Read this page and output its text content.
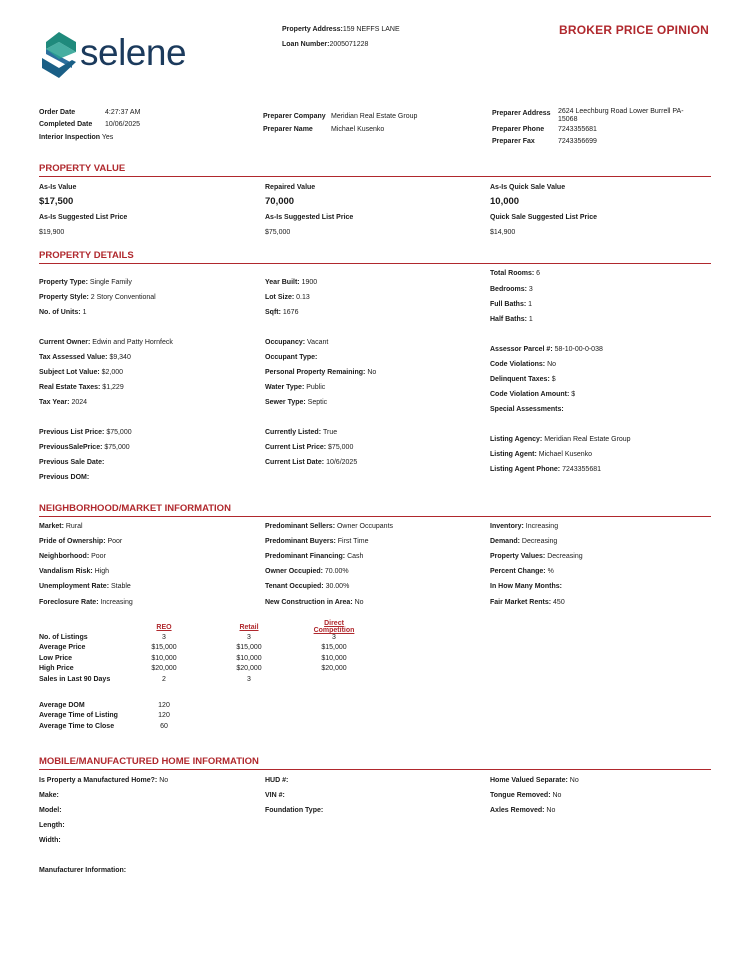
selene
Property Address:159 NEFFS LANE
Loan Number:2005071228
BROKER PRICE OPINION
Order Date	4:27:37 AM
Completed Date 10/06/2025
Interior Inspection Yes
Preparer Company Meridian Real Estate Group
Preparer Name	Michael Kusenko
Preparer Address 2624 Leechburg Road Lower Burrell PA-15068
Preparer Phone 7243355681
Preparer Fax	7243356699
PROPERTY VALUE
As-Is Value
$17,500
As-Is Suggested List Price
$19,900
Repaired Value
70,000
As-Is Suggested List Price
$75,000
As-Is Quick Sale Value
10,000
Quick Sale Suggested List Price
$14,900
PROPERTY DETAILS
NEIGHBORHOOD/MARKET INFORMATION
	REO	Retail	Direct Competition
No. of Listings	3	3	3
Average Price	$15,000	$15,000	$15,000
Low Price	$10,000	$10,000	$10,000
High Price	$20,000	$20,000	$20,000
Sales in Last 90 Days	2	3	
Average DOM	120
Average Time of Listing	120
Average Time to Close	60
MOBILE/MANUFACTURED HOME INFORMATION
Manufacturer Information:
Property Type: Single Family
Property Style: 2 Story Conventional
No. of Units: 1
Current Owner: Edwin and Patty Hornfeck
Tax Assessed Value: $9,340
Subject Lot Value: $2,000
Real Estate Taxes: $1,229
Tax Year: 2024
Previous List Price: $75,000
PreviousSalePrice: $75,000
Previous Sale Date:
Previous DOM:
Year Built: 1900
Lot Size: 0.13
Sqft: 1676
Occupancy: Vacant
Occupant Type:
Personal Property Remaining: No
Water Type: Public
Sewer Type: Septic
Currently Listed: True
Current List Price: $75,000
Current List Date: 10/6/2025
Total Rooms: 6
Bedrooms: 3
Full Baths: 1
Half Baths: 1
Assessor Parcel #: 58-10-00-0-038
Code Violations: No
Delinquent Taxes: $
Code Violation Amount: $
Special Assessments:
Listing Agency: Meridian Real Estate Group
Listing Agent: Michael Kusenko
Listing Agent Phone: 7243355681
Market: Rural
Pride of Ownership: Poor
Neighborhood: Poor
Vandalism Risk: High
Unemployment Rate: Stable
Foreclosure Rate: Increasing
Predominant Sellers: Owner Occupants
Predominant Buyers: First Time
Predominant Financing: Cash
Owner Occupied: 70.00%
Tenant Occupied: 30.00%
New Construction in Area: No
Inventory: Increasing
Demand: Decreasing
Property Values: Decreasing
Percent Change: %
In How Many Months:
Fair Market Rents: 450
Is Property a Manufactured Home?: No
Make:
Model:
Length:
Width:
HUD #:
VIN #:
Foundation Type:
Home Valued Separate: No
Tongue Removed: No
Axles Removed: No
